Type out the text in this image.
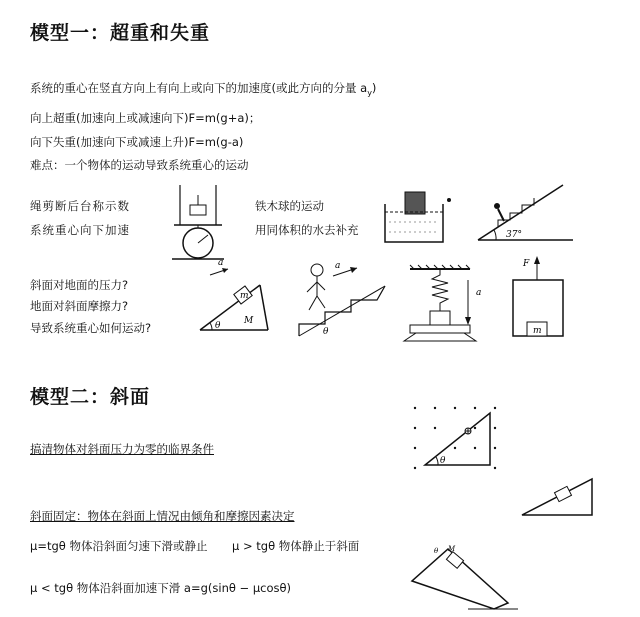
模型一：超重和失重
系统的重心在竖直方向上有向上或向下的加速度(或此方向的分量 $a_y$)
向上超重(加速向上或减速向下)F=m(g+a)；
向下失重(加速向下或减速上升)F=m(g-a)
难点：一个物体的运动导致系统重心的运动
绳剪断后台称示数
系统重心向下加速
铁木球的运动
用同体积的水去补充
斜面对地面的压力?
地面对斜面摩擦力?
导致系统重心如何运动?
37°
m
M
θ
a	a
θ
a
F
m
模型二：斜面
搞清物体对斜面压力为零的临界条件
斜面固定：物体在斜面上情况由倾角和摩擦因素决定
μ=tgθ 物体沿斜面匀速下滑或静止 μ > tgθ 物体静止于斜面
μ < tgθ 物体沿斜面加速下滑 a=g(sinθ − μcosθ)
θ
M
θ
